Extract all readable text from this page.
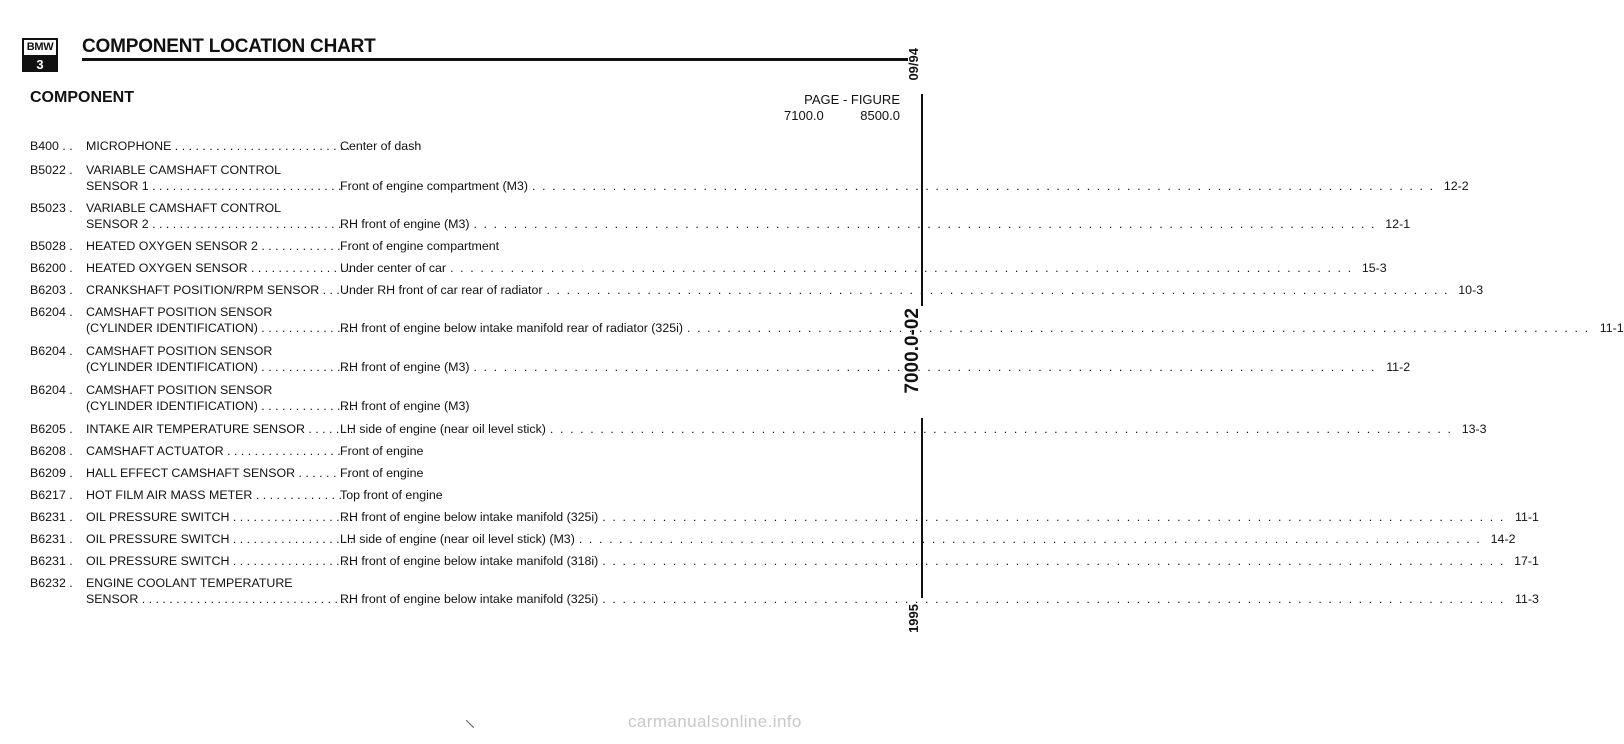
BMW
3
COMPONENT LOCATION CHART
COMPONENT	PAGE - FIGURE
7100.0	8500.0
09/94
7000.0-02
1995
B400 . .	MICROPHONE . . . . . . . . . . . . . . . . . . . . . . . . . .
Center of dash
B5022 .	VARIABLE CAMSHAFT CONTROL
SENSOR 1 . . . . . . . . . . . . . . . . . . . . . . . . . . . .
Front of engine compartment (M3) . . . . . . . . . . . . . . . . . . . . . . . . . . . . . . . . . . . . . . . . . . . . . . . . . . . . . . . . . . . . . . . . . . . . . . . . . . . . . . . . . . . . . . . . . . 12-2
B5023 .	VARIABLE CAMSHAFT CONTROL
SENSOR 2 . . . . . . . . . . . . . . . . . . . . . . . . . . . .
RH front of engine (M3) . . . . . . . . . . . . . . . . . . . . . . . . . . . . . . . . . . . . . . . . . . . . . . . . . . . . . . . . . . . . . . . . . . . . . . . . . . . . . . . . . . . . . . . . . . 12-1
B5028 .	HEATED OXYGEN SENSOR 2 . . . . . . . . . . . . Front of engine compartment
B6200 .	HEATED OXYGEN SENSOR . . . . . . . . . . . . . . .
Under center of car . . . . . . . . . . . . . . . . . . . . . . . . . . . . . . . . . . . . . . . . . . . . . . . . . . . . . . . . . . . . . . . . . . . . . . . . . . . . . . . . . . . . . . . . . . 15-3
B6203 .	CRANKSHAFT POSITION/RPM SENSOR . . . .
Under RH front of car rear of radiator . . . . . . . . . . . . . . . . . . . . . . . . . . . . . . . . . . . . . . . . . . . . . . . . . . . . . . . . . . . . . . . . . . . . . . . . . . . . . . . . . . . . . . . . . . 10-3
B6204 .	CAMSHAFT POSITION SENSOR
(CYLINDER IDENTIFICATION) . . . . . . . . . . . . . .
RH front of engine below intake manifold rear of radiator (325i) . . . . . . . . . . . . . . . . . . . . . . . . . . . . . . . . . . . . . . . . . . . . . . . . . . . . . . . . . . . . . . . . . . . . . . . . . . . . . . . . . . . . . . . . . . 11-1
B6204 .	CAMSHAFT POSITION SENSOR
(CYLINDER IDENTIFICATION) . . . . . . . . . . . . . .
RH front of engine (M3) . . . . . . . . . . . . . . . . . . . . . . . . . . . . . . . . . . . . . . . . . . . . . . . . . . . . . . . . . . . . . . . . . . . . . . . . . . . . . . . . . . . . . . . . . . 11-2
B6204 .	CAMSHAFT POSITION SENSOR
(CYLINDER IDENTIFICATION) . . . . . . . . . . . . . .
RH front of engine (M3)
B6205 .	INTAKE AIR TEMPERATURE SENSOR . . . . . . .
LH side of engine (near oil level stick) . . . . . . . . . . . . . . . . . . . . . . . . . . . . . . . . . . . . . . . . . . . . . . . . . . . . . . . . . . . . . . . . . . . . . . . . . . . . . . . . . . . . . . . . . . 13-3
B6208 .	CAMSHAFT ACTUATOR . . . . . . . . . . . . . . . . . Front of engine
B6209 .	HALL EFFECT CAMSHAFT SENSOR . . . . . . . .
Front of engine
B6217 .	HOT FILM AIR MASS METER . . . . . . . . . . . . .
Top front of engine
B6231 .	OIL PRESSURE SWITCH . . . . . . . . . . . . . . . . . .
RH front of engine below intake manifold (325i) . . . . . . . . . . . . . . . . . . . . . . . . . . . . . . . . . . . . . . . . . . . . . . . . . . . . . . . . . . . . . . . . . . . . . . . . . . . . . . . . . . . . . . . . . . 11-1
B6231 .	OIL PRESSURE SWITCH . . . . . . . . . . . . . . . . . .
LH side of engine (near oil level stick) (M3) . . . . . . . . . . . . . . . . . . . . . . . . . . . . . . . . . . . . . . . . . . . . . . . . . . . . . . . . . . . . . . . . . . . . . . . . . . . . . . . . . . . . . . . . . . 14-2
B6231 .	OIL PRESSURE SWITCH . . . . . . . . . . . . . . . . . .
RH front of engine below intake manifold (318i) . . . . . . . . . . . . . . . . . . . . . . . . . . . . . . . . . . . . . . . . . . . . . . . . . . . . . . . . . . . . . . . . . . . . . . . . . . . . . . . . . . . . . . . . . . 17-1
B6232 .	ENGINE COOLANT TEMPERATURE
SENSOR . . . . . . . . . . . . . . . . . . . . . . . . . . . . . . .
RH front of engine below intake manifold (325i) . . . . . . . . . . . . . . . . . . . . . . . . . . . . . . . . . . . . . . . . . . . . . . . . . . . . . . . . . . . . . . . . . . . . . . . . . . . . . . . . . . . . . . . . . . 11-3
\	carmanualsonline.info
